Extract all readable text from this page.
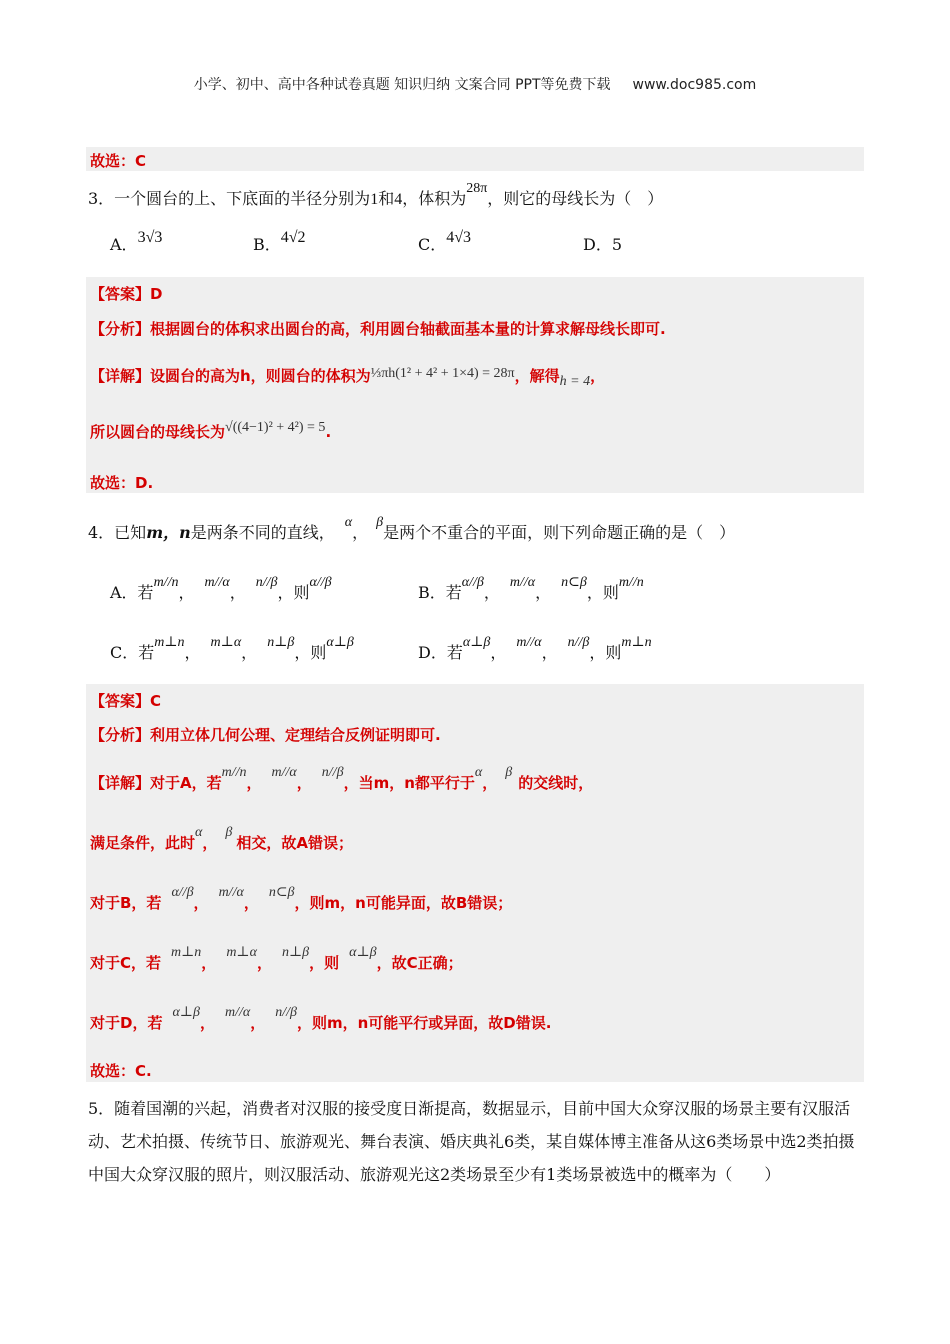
小学、初中、高中各种试卷真题 知识归纳 文案合同 PPT等免费下载 www.doc985.com
故选：C
3．一个圆台的上、下底面的半径分别为1和4，体积为28π，则它的母线长为（　）
A．3√3	B．4√2	C．4√3	D．5
【答案】D
【分析】根据圆台的体积求出圆台的高，利用圆台轴截面基本量的计算求解母线长即可.
【详解】设圆台的高为h，则圆台的体积为⅓πh(1² + 4² + 1×4) = 28π，解得h = 4，
所以圆台的母线长为√((4−1)² + 4²) = 5.
故选：D.
4．已知m，n是两条不同的直线，α，β是两个不重合的平面，则下列命题正确的是（　）
A．若m//n，m//α，n//β，则α//β
B．若α//β，m//α，n⊂β，则m//n
C．若m⊥n，m⊥α，n⊥β，则α⊥β
D．若α⊥β，m//α，n//β，则m⊥n
【答案】C
【分析】利用立体几何公理、定理结合反例证明即可.
【详解】对于A，若m//n，m//α，n//β，当m，n都平行于α，β的交线时，
满足条件，此时α，β相交，故A错误；
对于B，若α//β，m//α，n⊂β，则m，n可能异面，故B错误；
对于C，若m⊥n，m⊥α，n⊥β，则α⊥β，故C正确；
对于D，若α⊥β，m//α，n//β，则m，n可能平行或异面，故D错误.
故选：C.
5．随着国潮的兴起，消费者对汉服的接受度日渐提高，数据显示，目前中国大众穿汉服的场景主要有汉服活动、艺术拍摄、传统节日、旅游观光、舞台表演、婚庆典礼6类，某自媒体博主准备从这6类场景中选2类拍摄中国大众穿汉服的照片，则汉服活动、旅游观光这2类场景至少有1类场景被选中的概率为（　　）
